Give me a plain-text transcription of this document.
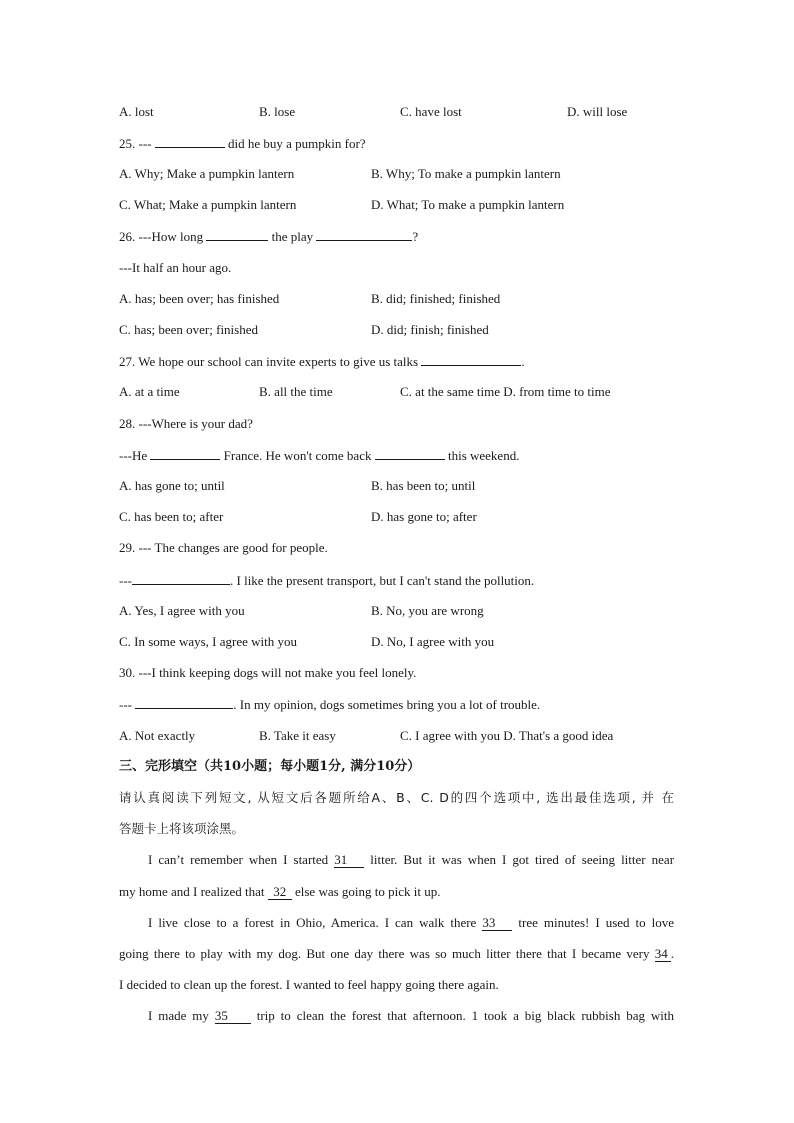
A. lost	B. lose	C. have lost	D. will lose
25. ---	did he buy a pumpkin for?
A. Why; Make a pumpkin lantern	B. Why; To make a pumpkin lantern
C. What; Make a pumpkin lantern	D. What; To make a pumpkin lantern
26. ---How long	the play	?
---It half an hour ago.
A. has; been over; has finished	B. did; finished; finished
C. has; been over; finished	D. did; finish; finished
27. We hope our school can invite experts to give us talks	.
A. at a time	B. all the time	C. at the same time D. from time to time
28. ---Where is your dad?
---He	France. He won't come back	this weekend.
A. has gone to; until	B. has been to; until
C. has been to; after	D. has gone to; after
29. --- The changes are good for people.
---	. I like the present transport, but I can't stand the pollution.
A. Yes, I agree with you	B. No, you are wrong
C. In some ways, I agree with you	D. No, I agree with you
30. ---I think keeping dogs will not make you feel lonely.
---	. In my opinion, dogs sometimes bring you a lot of trouble.
A. Not exactly	B. Take it easy	C. I agree with you D. That's a good idea
三、完形填空（共10小题；每小题1分, 满分10分）
请认真阅读下列短文, 从短文后各题所给A、B、C. D的四个选项中, 选出最佳选项, 并 在
答题卡上将该项涂黑。
I can’t remember when I started 31 litter. But it was when I got tired of seeing litter near
my home and I realized that 32 else was going to pick it up.
I live close to a forest in Ohio, America. I can walk there 33 tree minutes! I used to love
going there to play with my dog. But one day there was so much litter there that I became very 34 .
I decided to clean up the forest. I wanted to feel happy going there again.
I made my 35 trip to clean the forest that afternoon. 1 took a big black rubbish bag with
